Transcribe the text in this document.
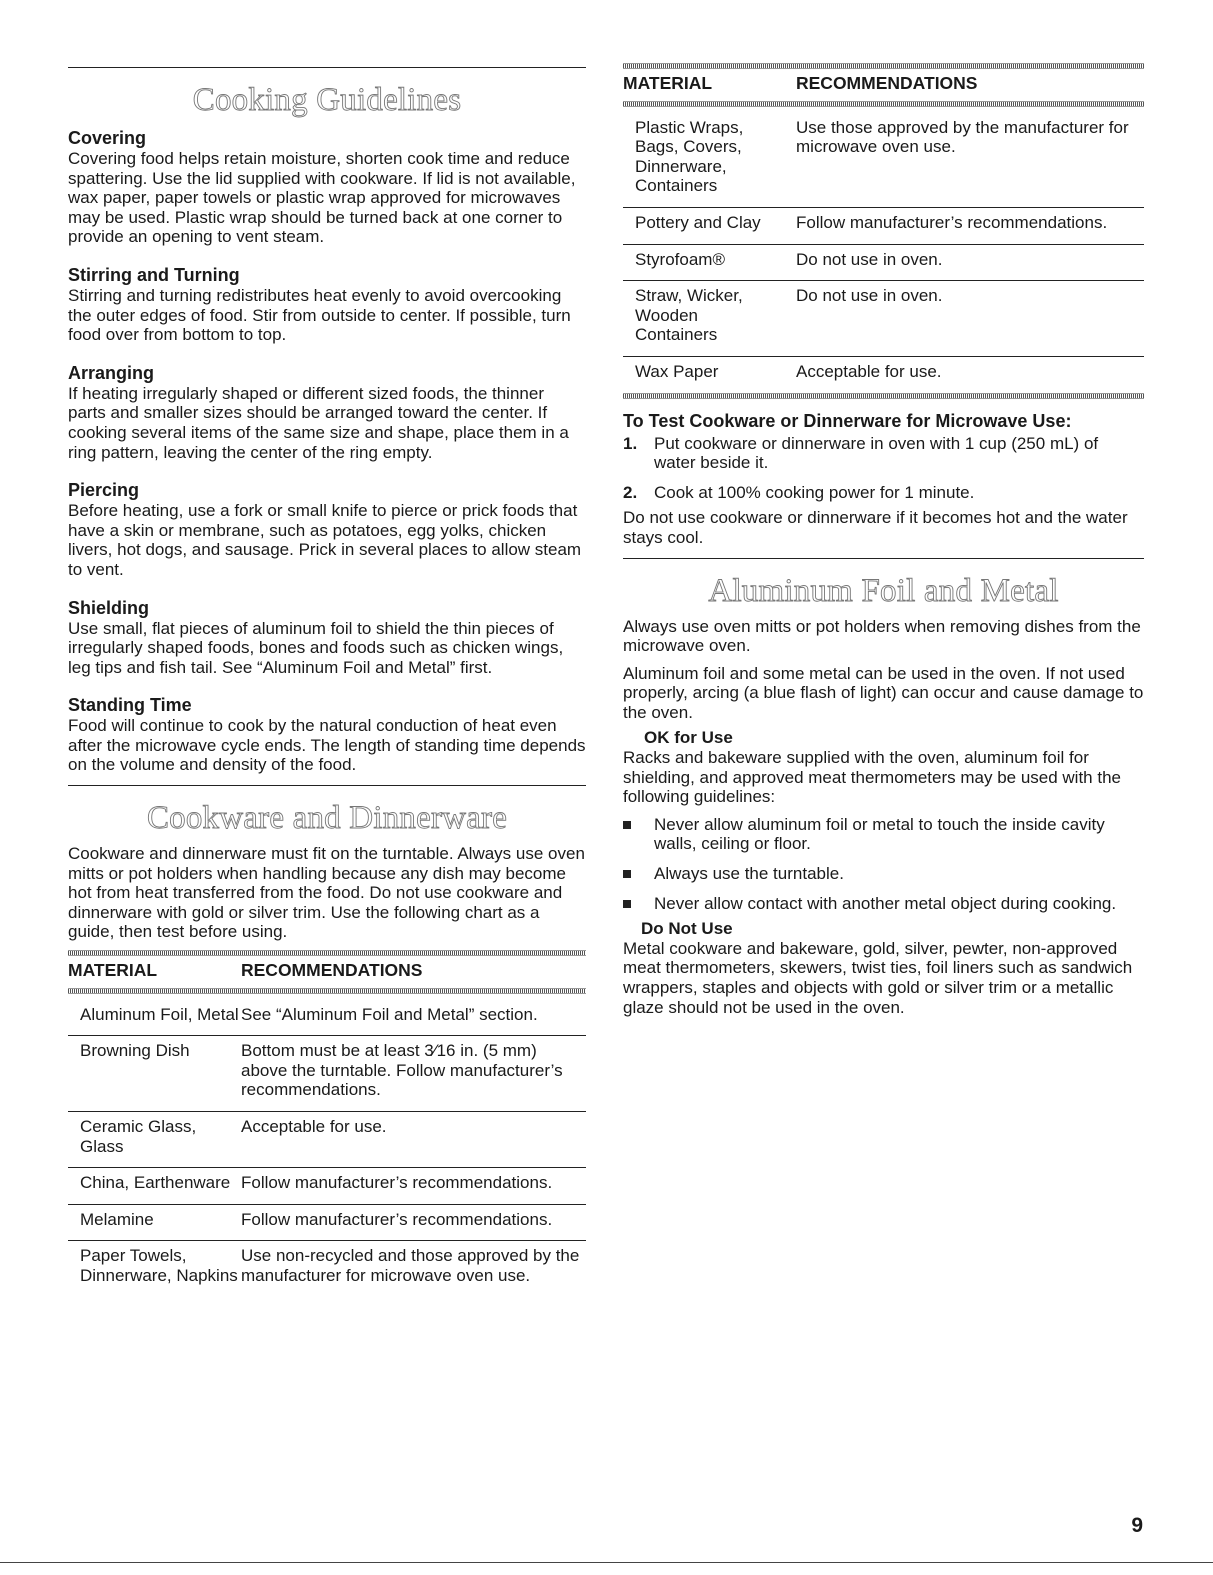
Cooking Guidelines

Covering

Covering food helps retain moisture, shorten cook time and reduce spattering. Use the lid supplied with cookware. If lid is not available, wax paper, paper towels or plastic wrap approved for microwaves may be used. Plastic wrap should be turned back at one corner to provide an opening to vent steam.

Stirring and Turning

Stirring and turning redistributes heat evenly to avoid overcooking the outer edges of food. Stir from outside to center. If possible, turn food over from bottom to top.

Arranging

If heating irregularly shaped or different sized foods, the thinner parts and smaller sizes should be arranged toward the center. If cooking several items of the same size and shape, place them in a ring pattern, leaving the center of the ring empty.

Piercing

Before heating, use a fork or small knife to pierce or prick foods that have a skin or membrane, such as potatoes, egg yolks, chicken livers, hot dogs, and sausage. Prick in several places to allow steam to vent.

Shielding

Use small, flat pieces of aluminum foil to shield the thin pieces of irregularly shaped foods, bones and foods such as chicken wings, leg tips and fish tail. See “Aluminum Foil and Metal” first.

Standing Time

Food will continue to cook by the natural conduction of heat even after the microwave cycle ends. The length of standing time depends on the volume and density of the food.

Cookware and Dinnerware

Cookware and dinnerware must fit on the turntable. Always use oven mitts or pot holders when handling because any dish may become hot from heat transferred from the food. Do not use cookware and dinnerware with gold or silver trim. Use the following chart as a guide, then test before using.

MATERIAL	RECOMMENDATIONS

Aluminum Foil, Metal	See “Aluminum Foil and Metal” section.
Browning Dish	Bottom must be at least 3⁄16 in. (5 mm) above the turntable. Follow manufacturer’s recommendations.
Ceramic Glass, Glass	Acceptable for use.
China, Earthenware	Follow manufacturer’s recommendations.
Melamine	Follow manufacturer’s recommendations.
Paper Towels, Dinnerware, Napkins	Use non-recycled and those approved by the manufacturer for microwave oven use.
MATERIAL	RECOMMENDATIONS

Plastic Wraps, Bags, Covers, Dinnerware, Containers	Use those approved by the manufacturer for microwave oven use.
Pottery and Clay	Follow manufacturer’s recommendations.
Styrofoam®	Do not use in oven.
Straw, Wicker, Wooden Containers	Do not use in oven.
Wax Paper	Acceptable for use.

To Test Cookware or Dinnerware for Microwave Use:

1. Put cookware or dinnerware in oven with 1 cup (250 mL) of water beside it.
2. Cook at 100% cooking power for 1 minute.

Do not use cookware or dinnerware if it becomes hot and the water stays cool.

Aluminum Foil and Metal

Always use oven mitts or pot holders when removing dishes from the microwave oven.

Aluminum foil and some metal can be used in the oven. If not used properly, arcing (a blue flash of light) can occur and cause damage to the oven.

OK for Use

Racks and bakeware supplied with the oven, aluminum foil for shielding, and approved meat thermometers may be used with the following guidelines:

Never allow aluminum foil or metal to touch the inside cavity walls, ceiling or floor.
Always use the turntable.
Never allow contact with another metal object during cooking.

Do Not Use

Metal cookware and bakeware, gold, silver, pewter, non-approved meat thermometers, skewers, twist ties, foil liners such as sandwich wrappers, staples and objects with gold or silver trim or a metallic glaze should not be used in the oven.

9
